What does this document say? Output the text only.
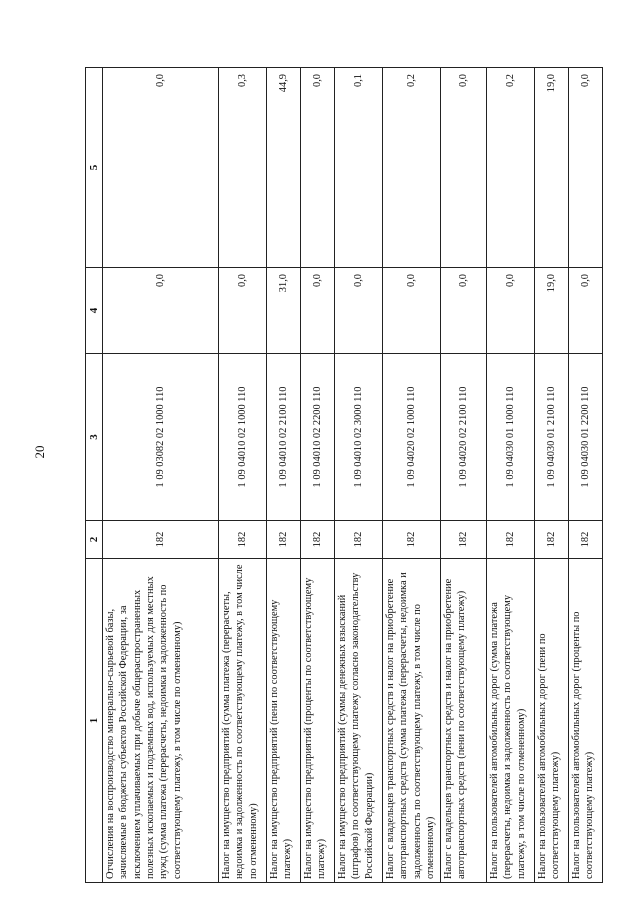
20
1	2	3	4	5
Отчисления на воспроизводство минерально-сырьевой базы, зачисляемые в бюджеты субъектов Российской Федерации, за исключением уплачиваемых при добыче общераспространенных полезных ископаемых и подземных вод, используемых для местных нужд (сумма платежа (перерасчеты, недоимка и задолженность по соответствующему платежу, в том числе по отмененному)	182	1 09 03082 02 1000 110	0,0	0,0
Налог на имущество предприятий (сумма платежа (перерасчеты, недоимка и задолженность по соответствующему платежу, в том числе по отмененному)	182	1 09 04010 02 1000 110	0,0	0,3
Налог на имущество предприятий (пени по соответствующему платежу)	182	1 09 04010 02 2100 110	31,0	44,9
Налог на имущество предприятий (проценты по соответствующему платежу)	182	1 09 04010 02 2200 110	0,0	0,0
Налог на имущество предприятий (суммы денежных взысканий (штрафов) по соответствующему платежу согласно законодательству Российской Федерации)	182	1 09 04010 02 3000 110	0,0	0,1
Налог с владельцев транспортных средств и налог на приобретение автотранспортных средств (сумма платежа (перерасчеты, недоимка и задолженность по соответствующему платежу, в том числе по отмененному)	182	1 09 04020 02 1000 110	0,0	0,2
Налог с владельцев транспортных средств и налог на приобретение автотранспортных средств (пени по соответствующему платежу)	182	1 09 04020 02 2100 110	0,0	0,0
Налог на пользователей автомобильных дорог (сумма платежа (перерасчеты, недоимка и задолженность по соответствующему платежу, в том числе по отмененному)	182	1 09 04030 01 1000 110	0,0	0,2
Налог на пользователей автомобильных дорог (пени по соответствующему платежу)	182	1 09 04030 01 2100 110	19,0	19,0
Налог на пользователей автомобильных дорог (проценты по соответствующему платежу)	182	1 09 04030 01 2200 110	0,0	0,0
